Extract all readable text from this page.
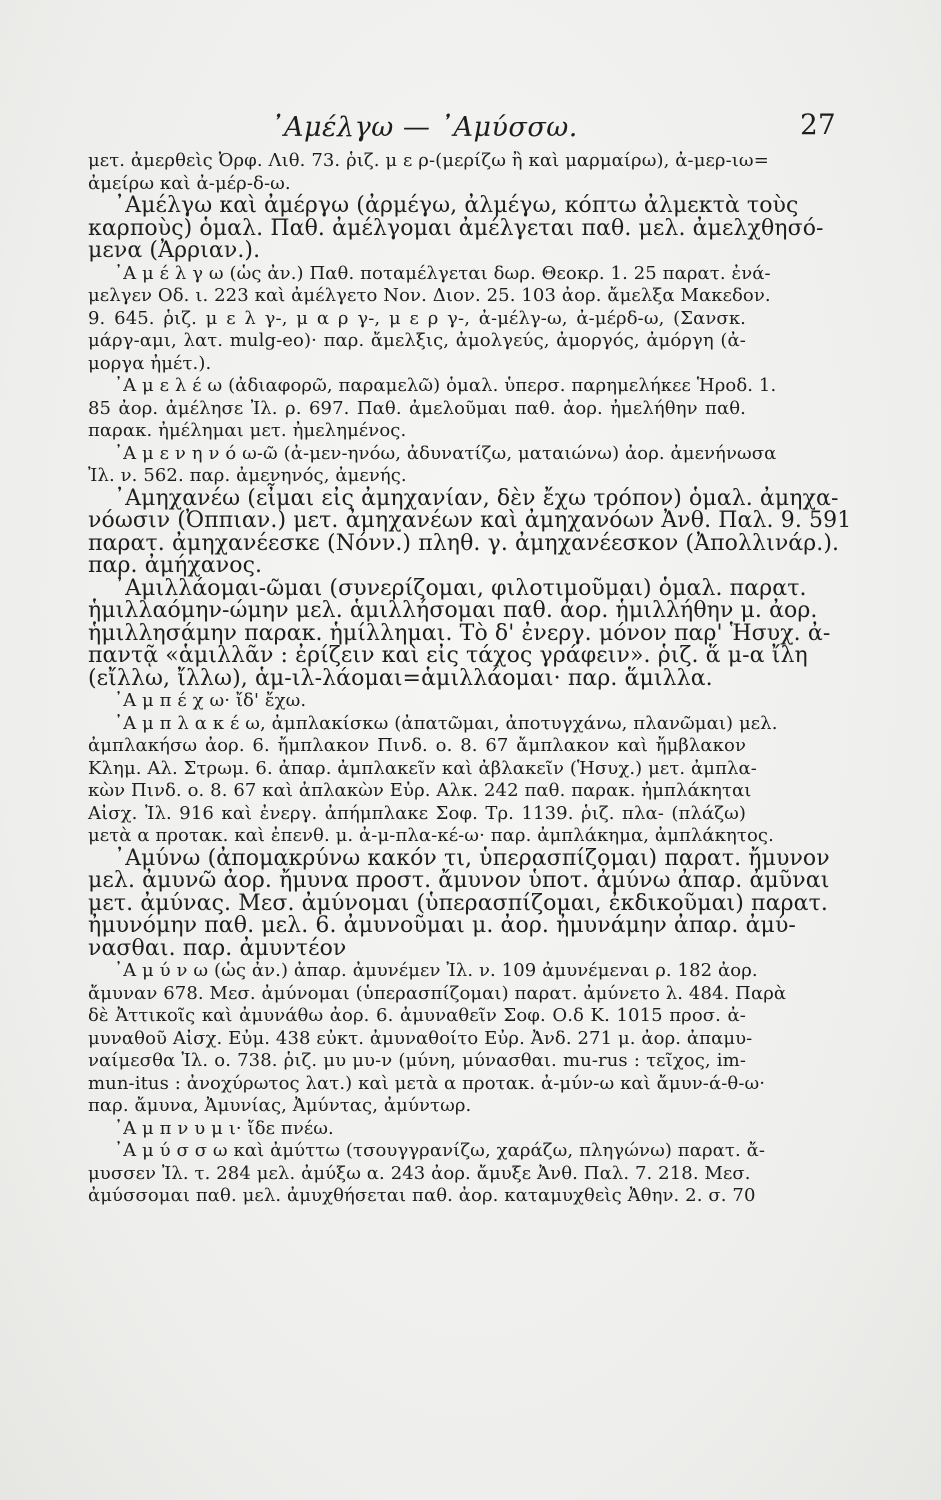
᾿Αμέλγω — ᾿Αμύσσω.	27
μετ. ἀμερθεὶς Ὀρφ. Λιθ. 73. ῥιζ. μ ε ρ-(μερίζω ἢ καὶ μαρμαίρω), ἀ-μερ-ιω=
ἀμείρω καὶ ἀ-μέρ-δ-ω.
᾿Αμέλγω καὶ ἀμέργω (ἀρμέγω, ἀλμέγω, κόπτω ἀλμεκτὰ τοὺς
καρποὺς) ὁμαλ. Παθ. ἀμέλγομαι ἀμέλγεται παθ. μελ. ἀμελχθησό-
μενα (Ἀρριαν.).
᾿Α μ έ λ γ ω (ὡς ἀν.) Παθ. ποταμέλγεται δωρ. Θεοκρ. 1. 25 παρατ. ἐνά-
μελγεν Οδ. ι. 223 καὶ ἀμέλγετο Νον. Διον. 25. 103 ἀορ. ἄμελξα Μακεδον.
9. 645. ῥιζ. μ ε λ γ-, μ α ρ γ-, μ ε ρ γ-, ἀ-μέλγ-ω, ἀ-μέρδ-ω, (Σανσκ.
μάργ-αμι, λατ. mulg-eo)· παρ. ἄμελξις, ἀμολγεύς, ἀμοργός, ἀμόργη (ἀ-
μοργα ἠμέτ.).
᾿Α μ ε λ έ ω (ἀδιαφορῶ, παραμελῶ) ὁμαλ. ὑπερσ. παρημελήκεε Ἡροδ. 1.
85 ἀορ. ἀμέλησε Ἰλ. ρ. 697. Παθ. ἀμελοῦμαι παθ. ἀορ. ἠμελήθην παθ.
παρακ. ἠμέλημαι μετ. ἠμελημένος.
᾿Α μ ε ν η ν ό ω-ῶ (ἀ-μεν-ηνόω, ἀδυνατίζω, ματαιώνω) ἀορ. ἀμενήνωσα
Ἰλ. ν. 562. παρ. ἀμενηνός, ἀμενής.
᾿Αμηχανέω (εἶμαι εἰς ἀμηχανίαν, δὲν ἔχω τρόπον) ὁμαλ. ἀμηχα-
νόωσιν (Ὀππιαν.) μετ. ἀμηχανέων καὶ ἀμηχανόων Ἀνθ. Παλ. 9. 591
παρατ. ἀμηχανέεσκε (Νόνν.) πληθ. γ. ἀμηχανέεσκον (Ἀπολλινάρ.).
παρ. ἀμήχανος.
᾿Αμιλλάομαι-ῶμαι (συνερίζομαι, φιλοτιμοῦμαι) ὁμαλ. παρατ.
ἡμιλλαόμην-ώμην μελ. ἁμιλλήσομαι παθ. ἀορ. ἡμιλλήθην μ. ἀορ.
ἡμιλλησάμην παρακ. ἡμίλλημαι. Τὸ δ' ἐνεργ. μόνον παρ' Ἡσυχ. ἀ-
παντᾷ «ἁμιλλᾶν : ἐρίζειν καὶ εἰς τάχος γράφειν». ῥιζ. ἅ μ-α ἴλη
(εἴλλω, ἴλλω), ἁμ-ιλ-λάομαι=ἁμιλλάομαι· παρ. ἅμιλλα.
᾿Α μ π έ χ ω· ἴδ' ἔχω.
᾿Α μ π λ α κ έ ω, ἀμπλακίσκω (ἀπατῶμαι, ἀποτυγχάνω, πλανῶμαι) μελ.
ἀμπλακήσω ἀορ. 6. ἤμπλακον Πινδ. ο. 8. 67 ἄμπλακον καὶ ἤμβλακον
Κλημ. Αλ. Στρωμ. 6. ἀπαρ. ἀμπλακεῖν καὶ ἀβλακεῖν (Ἡσυχ.) μετ. ἀμπλα-
κὼν Πινδ. ο. 8. 67 καὶ ἀπλακὼν Εὐρ. Αλκ. 242 παθ. παρακ. ἠμπλάκηται
Αἰσχ. Ἰλ. 916 καὶ ἐνεργ. ἀπήμπλακε Σοφ. Τρ. 1139. ῥιζ. πλα- (πλάζω)
μετὰ α προτακ. καὶ ἐπενθ. μ. ἀ-μ-πλα-κέ-ω· παρ. ἀμπλάκημα, ἀμπλάκητος.
᾿Αμύνω (ἀπομακρύνω κακόν τι, ὑπερασπίζομαι) παρατ. ἤμυνον
μελ. ἀμυνῶ ἀορ. ἤμυνα προστ. ἄμυνον ὑποτ. ἀμύνω ἀπαρ. ἀμῦναι
μετ. ἀμύνας. Μεσ. ἀμύνομαι (ὑπερασπίζομαι, ἐκδικοῦμαι) παρατ.
ἠμυνόμην παθ. μελ. 6. ἀμυνοῦμαι μ. ἀορ. ἠμυνάμην ἀπαρ. ἀμύ-
νασθαι. παρ. ἀμυντέον
᾿Α μ ύ ν ω (ὡς ἀν.) ἀπαρ. ἀμυνέμεν Ἰλ. ν. 109 ἀμυνέμεναι ρ. 182 ἀορ.
ἄμυναν 678. Μεσ. ἀμύνομαι (ὑπερασπίζομαι) παρατ. ἀμύνετο λ. 484. Παρὰ
δὲ Ἀττικοῖς καὶ ἀμυνάθω ἀορ. 6. ἀμυναθεῖν Σοφ. Ο.δ Κ. 1015 προσ. ἀ-
μυναθοῦ Αἰσχ. Εὐμ. 438 εὐκτ. ἀμυναθοίτο Εὐρ. Ἀνδ. 271 μ. ἀορ. ἀπαμυ-
ναίμεσθα Ἰλ. ο. 738. ῥιζ. μυ μυ-ν (μύνη, μύνασθαι. mu-rus : τεῖχος, im-
mun-itus : ἀνοχύρωτος λατ.) καὶ μετὰ α προτακ. ἀ-μύν-ω καὶ ἄμυν-ά-θ-ω·
παρ. ἄμυνα, Ἀμυνίας, Ἀμύντας, ἀμύντωρ.
᾿Α μ π ν υ μ ι· ἴδε πνέω.
᾿Α μ ύ σ σ ω καὶ ἀμύττω (τσουγγρανίζω, χαράζω, πληγώνω) παρατ. ἄ-
μυσσεν Ἰλ. τ. 284 μελ. ἀμύξω α. 243 ἀορ. ἄμυξε Ἀνθ. Παλ. 7. 218. Μεσ.
ἀμύσσομαι παθ. μελ. ἀμυχθήσεται παθ. ἀορ. καταμυχθεὶς Ἀθην. 2. σ. 70
